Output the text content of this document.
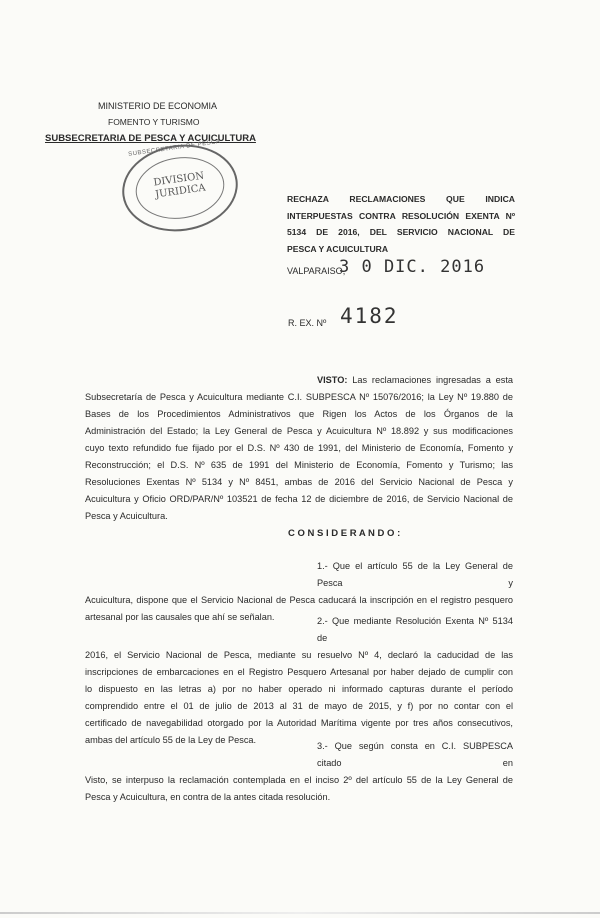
MINISTERIO DE ECONOMIA
FOMENTO Y TURISMO
SUBSECRETARIA DE PESCA Y ACUICULTURA
DIVISION JURIDICA
SUBSECRETARIA DE PESCA
RECHAZA RECLAMACIONES QUE INDICA
INTERPUESTAS CONTRA RESOLUCIÓN EXENTA Nº
5134 DE 2016, DEL SERVICIO NACIONAL DE
PESCA Y ACUICULTURA
VALPARAISO,
3 0 DIC. 2016
R. EX. Nº 4182
VISTO: Las reclamaciones ingresadas a esta
Subsecretaría de Pesca y Acuicultura mediante C.I. SUBPESCA Nº 15076/2016; la Ley Nº 19.880 de
Bases de los Procedimientos Administrativos que Rigen los Actos de los Órganos de la
Administración del Estado; la Ley General de Pesca y Acuicultura Nº 18.892 y sus modificaciones
cuyo texto refundido fue fijado por el D.S. Nº 430 de 1991, del Ministerio de Economía, Fomento y
Reconstrucción; el D.S. Nº 635 de 1991 del Ministerio de Economía, Fomento y Turismo; las
Resoluciones Exentas Nº 5134 y Nº 8451, ambas de 2016 del Servicio Nacional de Pesca y
Acuicultura y Oficio ORD/PAR/Nº 103521 de fecha 12 de diciembre de 2016, de Servicio Nacional de
Pesca y Acuicultura.
C O N S I D E R A N D O :
1.- Que el artículo 55 de la Ley General de Pesca y
Acuicultura, dispone que el Servicio Nacional de Pesca caducará la inscripción en el registro pesquero
artesanal por las causales que ahí se señalan.	2.- Que mediante Resolución Exenta Nº 5134 de
2016, el Servicio Nacional de Pesca, mediante su resuelvo Nº 4, declaró la caducidad de las
inscripciones de embarcaciones en el Registro Pesquero Artesanal por haber dejado de cumplir con
lo dispuesto en las letras a) por no haber operado ni informado capturas durante el período
comprendido entre el 01 de julio de 2013 al 31 de mayo de 2015, y f) por no contar con el
certificado de navegabilidad otorgado por la Autoridad Marítima vigente por tres años consecutivos,
ambas del artículo 55 de la Ley de Pesca.
3.- Que según consta en C.I. SUBPESCA citado en
Visto, se interpuso la reclamación contemplada en el inciso 2º del artículo 55 de la Ley General de
Pesca y Acuicultura, en contra de la antes citada resolución.
